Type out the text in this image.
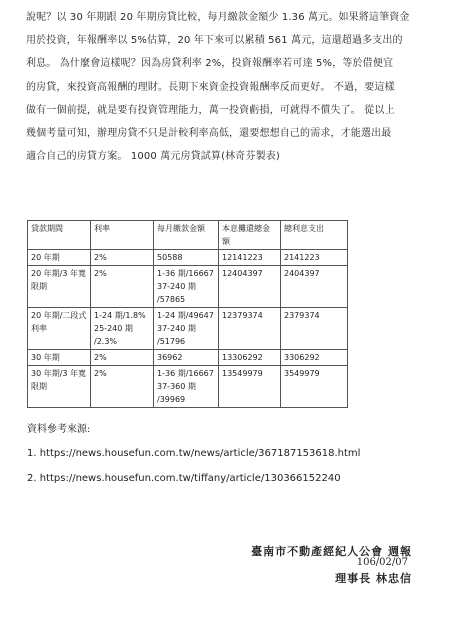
說呢？以 30 年期跟 20 年期房貸比較，每月繳款金額少 1.36 萬元。如果將這筆資金
用於投資，年報酬率以 5%估算，20 年下來可以累積 561 萬元，這還超過多支出的
利息。 為什麼會這樣呢？因為房貸利率 2%，投資報酬率若可達 5%，等於借便宜
的房貸，來投資高報酬的理財。長期下來資金投資報酬率反而更好。 不過，要這樣
做有一個前提，就是要有投資管理能力，萬一投資虧損，可就得不償失了。 從以上
幾個考量可知，辦理房貸不只是計較利率高低，還要想想自己的需求，才能選出最
適合自己的房貸方案。 1000 萬元房貸試算(林奇芬製表)
貸款期間	利率	每月繳款金額	本息攤還總金額	總利息支出
20 年期	2%	50588	12141223	2141223
20 年期/3 年寬限期	2%	1-36 期/16667
37-240 期
/57865	12404397	2404397
20 年期/二段式利率	1-24 期/1.8%
25-240 期
/2.3%	1-24 期/49647
37-240 期
/51796	12379374	2379374
30 年期	2%	36962	13306292	3306292
30 年期/3 年寬限期	2%	1-36 期/16667
37-360 期
/39969	13549979	3549979
資料參考來源:
1. https://news.housefun.com.tw/news/article/367187153618.html
2. https://news.housefun.com.tw/tiffany/article/130366152240
臺南市不動產經紀人公會 週報
106/02/07
理事長 林忠信
